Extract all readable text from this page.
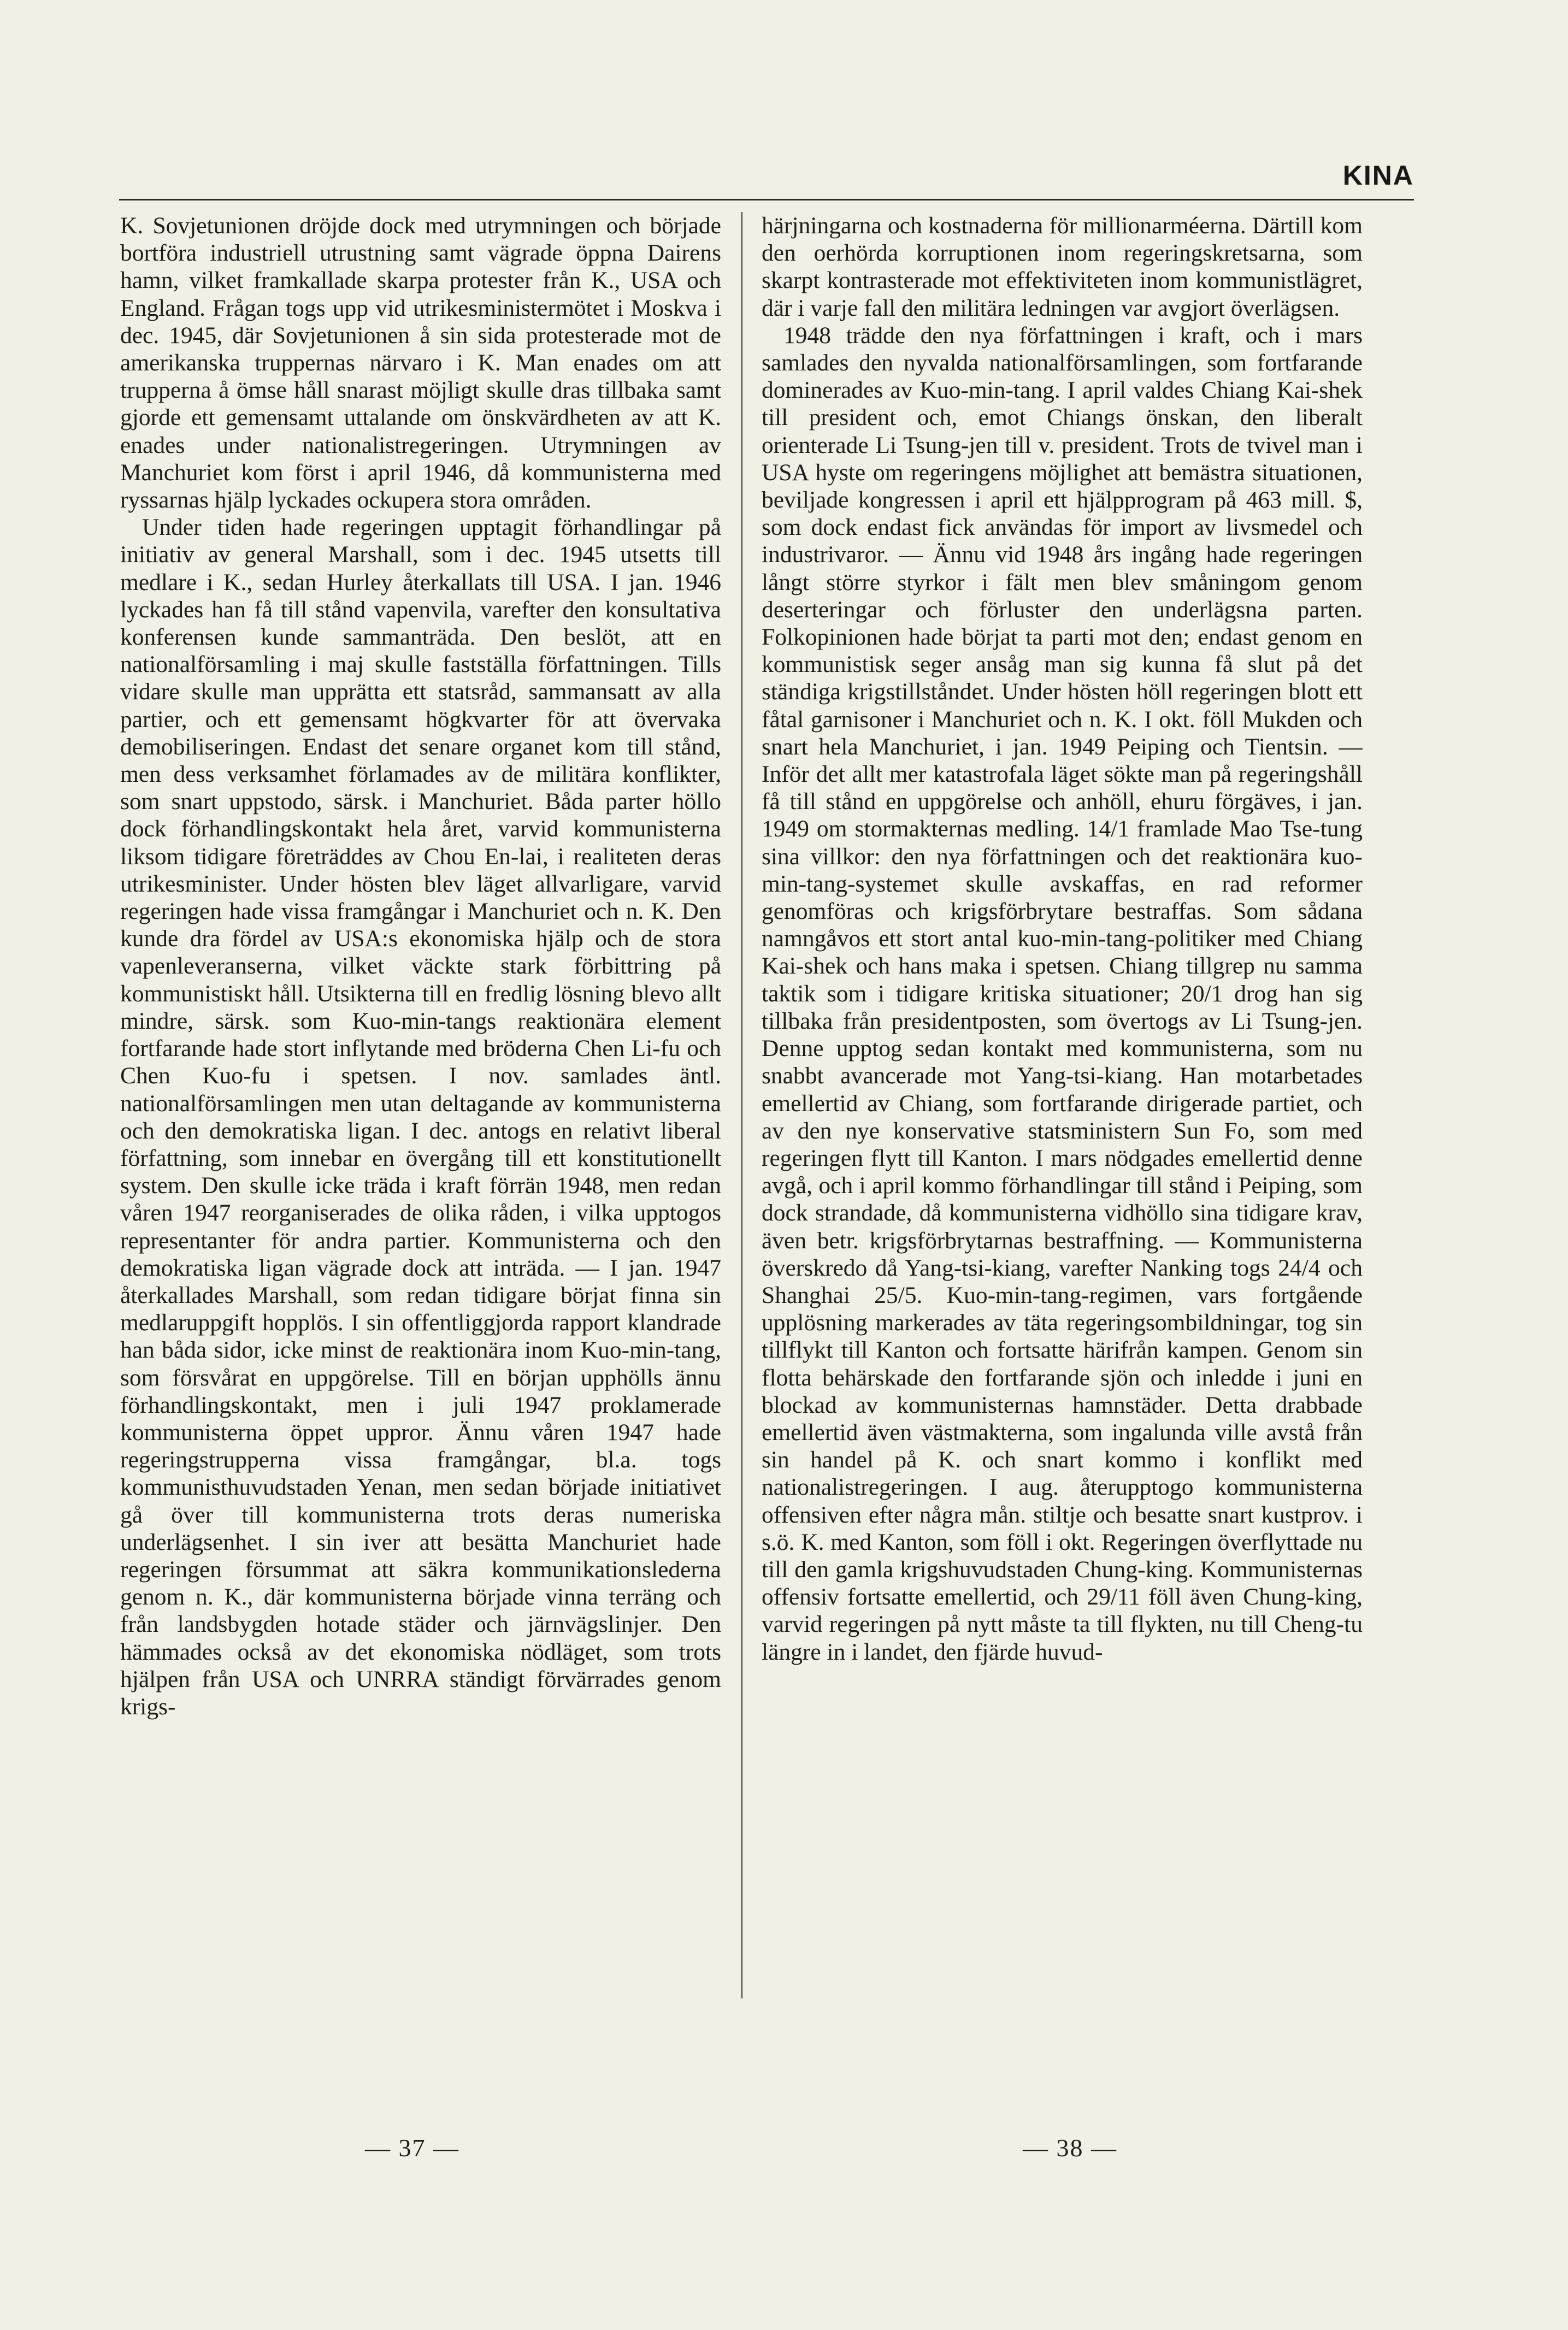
KINA

K. Sovjetunionen dröjde dock med utrymningen och började bortföra industriell utrustning samt vägrade öppna Dairens hamn, vilket framkallade skarpa protester från K., USA och England. Frågan togs upp vid utrikesministermötet i Moskva i dec. 1945, där Sovjetunionen å sin sida protesterade mot de amerikanska truppernas närvaro i K. Man enades om att trupperna å ömse håll snarast möjligt skulle dras tillbaka samt gjorde ett gemensamt uttalande om önskvärdheten av att K. enades under nationalistregeringen. Utrymningen av Manchuriet kom först i april 1946, då kommunisterna med ryssarnas hjälp lyckades ockupera stora områden.

Under tiden hade regeringen upptagit förhandlingar på initiativ av general Marshall, som i dec. 1945 utsetts till medlare i K., sedan Hurley återkallats till USA. I jan. 1946 lyckades han få till stånd vapenvila, varefter den konsultativa konferensen kunde sammanträda. Den beslöt, att en nationalförsamling i maj skulle fastställa författningen. Tills vidare skulle man upprätta ett statsråd, sammansatt av alla partier, och ett gemensamt högkvarter för att övervaka demobiliseringen. Endast det senare organet kom till stånd, men dess verksamhet förlamades av de militära konflikter, som snart uppstodo, särsk. i Manchuriet. Båda parter höllo dock förhandlingskontakt hela året, varvid kommunisterna liksom tidigare företräddes av Chou En-lai, i realiteten deras utrikesminister. Under hösten blev läget allvarligare, varvid regeringen hade vissa framgångar i Manchuriet och n. K. Den kunde dra fördel av USA:s ekonomiska hjälp och de stora vapenleveranserna, vilket väckte stark förbittring på kommunistiskt håll. Utsikterna till en fredlig lösning blevo allt mindre, särsk. som Kuo-min-tangs reaktionära element fortfarande hade stort inflytande med bröderna Chen Li-fu och Chen Kuo-fu i spetsen. I nov. samlades äntl. nationalförsamlingen men utan deltagande av kommunisterna och den demokratiska ligan. I dec. antogs en relativt liberal författning, som innebar en övergång till ett konstitutionellt system. Den skulle icke träda i kraft förrän 1948, men redan våren 1947 reorganiserades de olika råden, i vilka upptogos representanter för andra partier. Kommunisterna och den demokratiska ligan vägrade dock att inträda. — I jan. 1947 återkallades Marshall, som redan tidigare börjat finna sin medlaruppgift hopplös. I sin offentliggjorda rapport klandrade han båda sidor, icke minst de reaktionära inom Kuo-min-tang, som försvårat en uppgörelse. Till en början upphölls ännu förhandlingskontakt, men i juli 1947 proklamerade kommunisterna öppet uppror. Ännu våren 1947 hade regeringstrupperna vissa framgångar, bl.a. togs kommunisthuvudstaden Yenan, men sedan började initiativet gå över till kommunisterna trots deras numeriska underlägsenhet. I sin iver att besätta Manchuriet hade regeringen försummat att säkra kommunikationslederna genom n. K., där kommunisterna började vinna terräng och från landsbygden hotade städer och järnvägslinjer. Den hämmades också av det ekonomiska nödläget, som trots hjälpen från USA och UNRRA ständigt förvärrades genom krigs-

härjningarna och kostnaderna för millionarméerna. Därtill kom den oerhörda korruptionen inom regeringskretsarna, som skarpt kontrasterade mot effektiviteten inom kommunistlägret, där i varje fall den militära ledningen var avgjort överlägsen.

1948 trädde den nya författningen i kraft, och i mars samlades den nyvalda nationalförsamlingen, som fortfarande dominerades av Kuo-min-tang. I april valdes Chiang Kai-shek till president och, emot Chiangs önskan, den liberalt orienterade Li Tsung-jen till v. president. Trots de tvivel man i USA hyste om regeringens möjlighet att bemästra situationen, beviljade kongressen i april ett hjälpprogram på 463 mill. $, som dock endast fick användas för import av livsmedel och industrivaror. — Ännu vid 1948 års ingång hade regeringen långt större styrkor i fält men blev småningom genom deserteringar och förluster den underlägsna parten. Folkopinionen hade börjat ta parti mot den; endast genom en kommunistisk seger ansåg man sig kunna få slut på det ständiga krigstillståndet. Under hösten höll regeringen blott ett fåtal garnisoner i Manchuriet och n. K. I okt. föll Mukden och snart hela Manchuriet, i jan. 1949 Peiping och Tientsin. — Inför det allt mer katastrofala läget sökte man på regeringshåll få till stånd en uppgörelse och anhöll, ehuru förgäves, i jan. 1949 om stormakternas medling. 14/1 framlade Mao Tse-tung sina villkor: den nya författningen och det reaktionära kuo-min-tang-systemet skulle avskaffas, en rad reformer genomföras och krigsförbrytare bestraffas. Som sådana namngåvos ett stort antal kuo-min-tang-politiker med Chiang Kai-shek och hans maka i spetsen. Chiang tillgrep nu samma taktik som i tidigare kritiska situationer; 20/1 drog han sig tillbaka från presidentposten, som övertogs av Li Tsung-jen. Denne upptog sedan kontakt med kommunisterna, som nu snabbt avancerade mot Yang-tsi-kiang. Han motarbetades emellertid av Chiang, som fortfarande dirigerade partiet, och av den nye konservative statsministern Sun Fo, som med regeringen flytt till Kanton. I mars nödgades emellertid denne avgå, och i april kommo förhandlingar till stånd i Peiping, som dock strandade, då kommunisterna vidhöllo sina tidigare krav, även betr. krigsförbrytarnas bestraffning. — Kommunisterna överskredo då Yang-tsi-kiang, varefter Nanking togs 24/4 och Shanghai 25/5. Kuo-min-tang-regimen, vars fortgående upplösning markerades av täta regeringsombildningar, tog sin tillflykt till Kanton och fortsatte härifrån kampen. Genom sin flotta behärskade den fortfarande sjön och inledde i juni en blockad av kommunisternas hamnstäder. Detta drabbade emellertid även västmakterna, som ingalunda ville avstå från sin handel på K. och snart kommo i konflikt med nationalistregeringen. I aug. återupptogo kommunisterna offensiven efter några mån. stiltje och besatte snart kustprov. i s.ö. K. med Kanton, som föll i okt. Regeringen överflyttade nu till den gamla krigshuvudstaden Chung-king. Kommunisternas offensiv fortsatte emellertid, och 29/11 föll även Chung-king, varvid regeringen på nytt måste ta till flykten, nu till Cheng-tu längre in i landet, den fjärde huvud-

— 37 —	— 38 —
